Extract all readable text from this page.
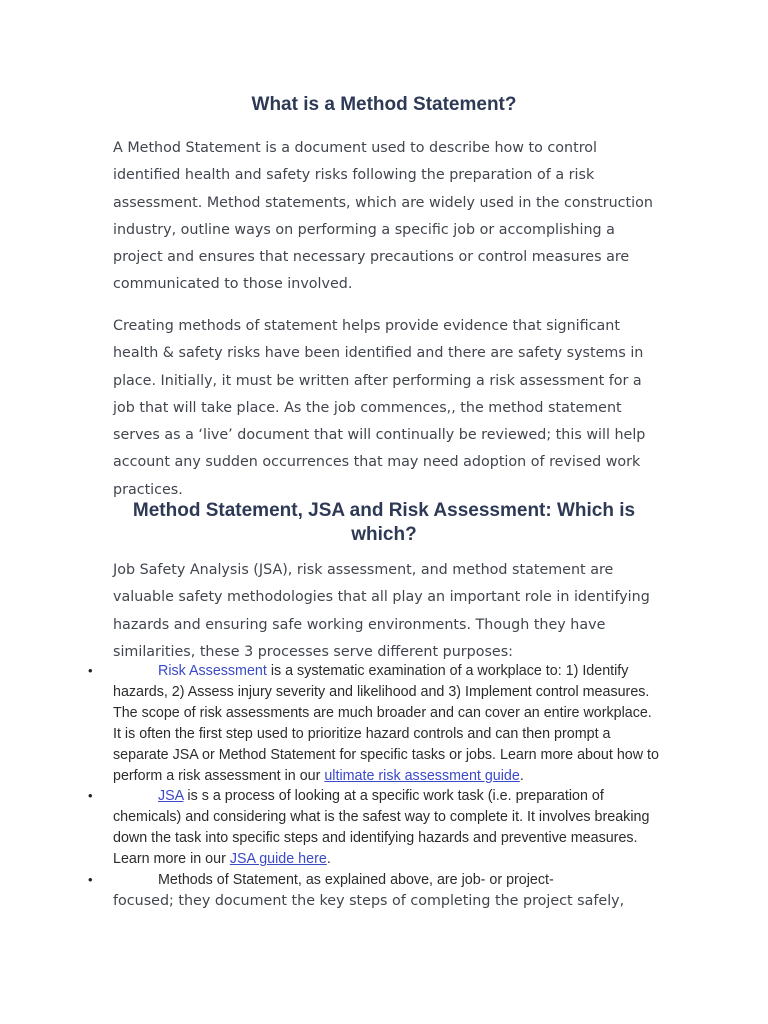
What is a Method Statement?

A Method Statement is a document used to describe how to control identified health and safety risks following the preparation of a risk assessment. Method statements, which are widely used in the construction industry, outline ways on performing a specific job or accomplishing a project and ensures that necessary precautions or control measures are communicated to those involved.

Creating methods of statement helps provide evidence that significant health & safety risks have been identified and there are safety systems in place. Initially, it must be written after performing a risk assessment for a job that will take place. As the job commences,, the method statement serves as a ‘live’ document that will continually be reviewed; this will help account any sudden occurrences that may need adoption of revised work practices.

Method Statement, JSA and Risk Assessment: Which is which?

Job Safety Analysis (JSA), risk assessment, and method statement are valuable safety methodologies that all play an important role in identifying hazards and ensuring safe working environments. Though they have similarities, these 3 processes serve different purposes:

•	Risk Assessment is a systematic examination of a workplace to: 1) Identify hazards, 2) Assess injury severity and likelihood and 3) Implement control measures. The scope of risk assessments are much broader and can cover an entire workplace. It is often the first step used to prioritize hazard controls and can then prompt a separate JSA or Method Statement for specific tasks or jobs. Learn more about how to perform a risk assessment in our ultimate risk assessment guide.
•	JSA is s a process of looking at a specific work task (i.e. preparation of chemicals) and considering what is the safest way to complete it. It involves breaking down the task into specific steps and identifying hazards and preventive measures. Learn more in our JSA guide here.
•	Methods of Statement, as explained above, are job- or project-
focused; they document the key steps of completing the project safely,
